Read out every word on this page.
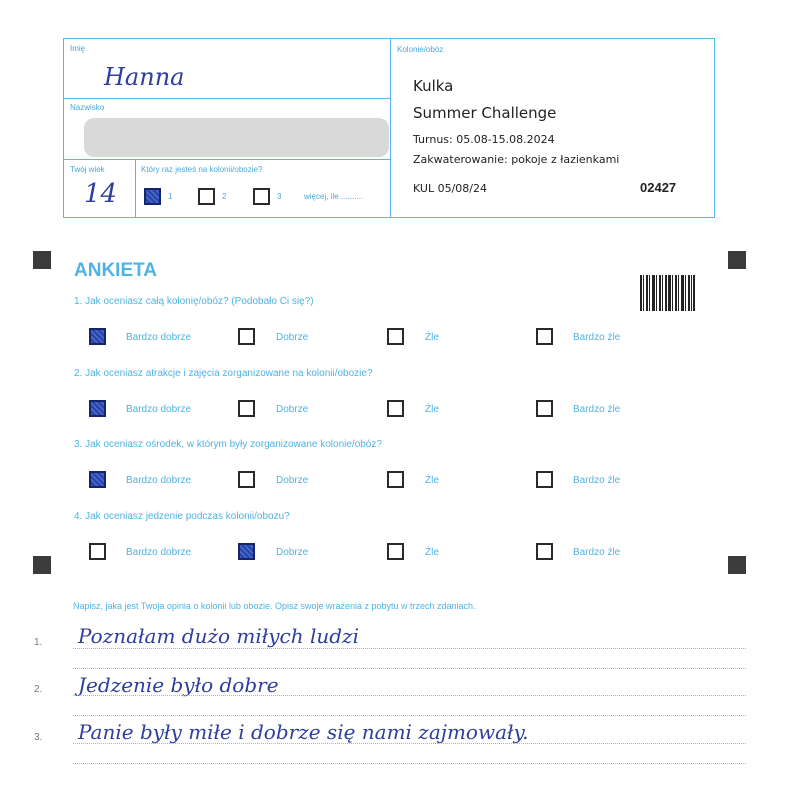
Imię
Hanna
Nazwisko
Twój wiek
14
Który raz jesteś na kolonii/obozie?
1	2	3	więcej, ile ..........
Kolonie/obóz
Kulka
Summer Challenge
Turnus: 05.08-15.08.2024
Zakwaterowanie: pokoje z łazienkami
KUL 05/08/24	02427
ANKIETA
1. Jak oceniasz całą kolonię/obóz? (Podobało Ci się?)
2. Jak oceniasz atrakcje i zajęcia zorganizowane na kolonii/obozie?
3. Jak oceniasz ośrodek, w którym były zorganizowane kolonie/obóz?
4. Jak oceniasz jedzenie podczas kolonii/obozu?
Bardzo dobrze	Dobrze	Źle	Bardzo źle
Bardzo dobrze	Dobrze	Źle	Bardzo źle
Bardzo dobrze	Dobrze	Źle	Bardzo źle
Bardzo dobrze	Dobrze	Źle	Bardzo źle
Napisz, jaka jest Twoja opinia o kolonii lub obozie. Opisz swoje wrażenia z pobytu w trzech zdaniach.
1. Poznałam dużo miłych ludzi
2. Jedzenie było dobre
3. Panie były miłe i dobrze się nami zajmowały.
